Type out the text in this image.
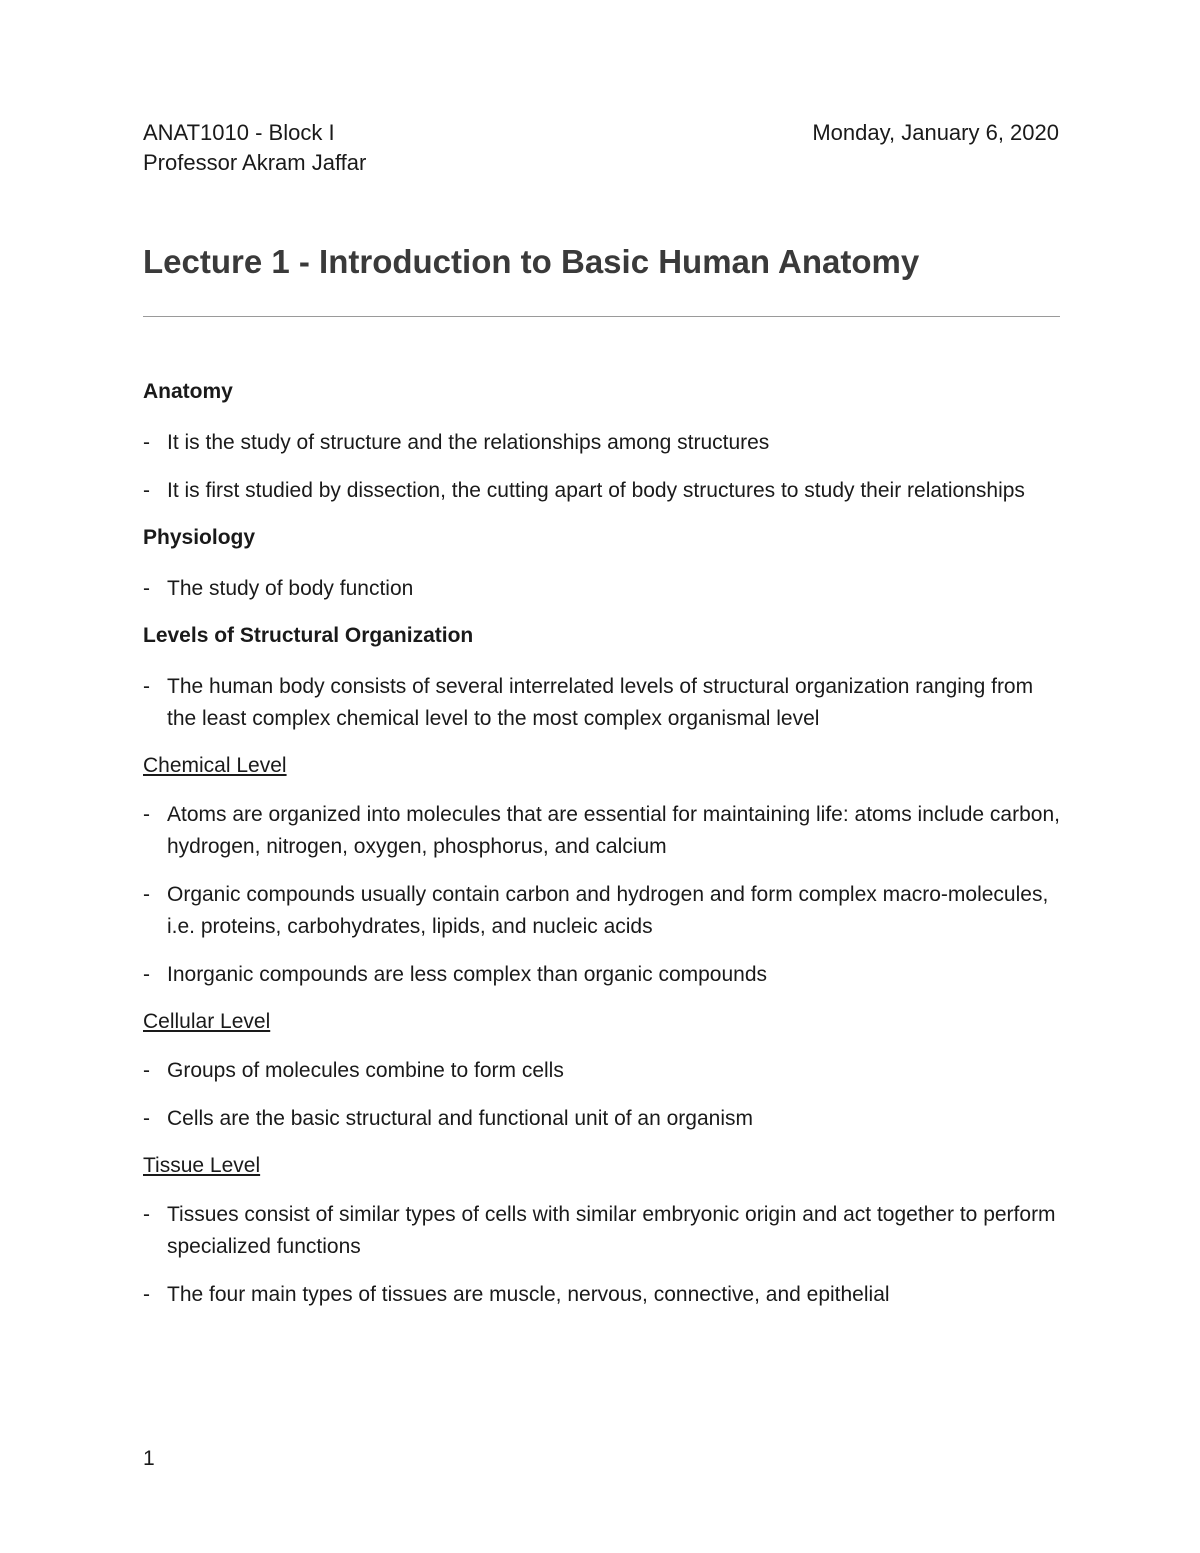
ANAT1010 - Block I
Professor Akram Jaffar
Monday, January 6, 2020
Lecture 1 - Introduction to Basic Human Anatomy
Anatomy
- It is the study of structure and the relationships among structures
- It is first studied by dissection, the cutting apart of body structures to study their relationships
Physiology
- The study of body function
Levels of Structural Organization
- The human body consists of several interrelated levels of structural organization ranging from the least complex chemical level to the most complex organismal level
Chemical Level
- Atoms are organized into molecules that are essential for maintaining life: atoms include carbon, hydrogen, nitrogen, oxygen, phosphorus, and calcium
- Organic compounds usually contain carbon and hydrogen and form complex macro-molecules, i.e. proteins, carbohydrates, lipids, and nucleic acids
- Inorganic compounds are less complex than organic compounds
Cellular Level
- Groups of molecules combine to form cells
- Cells are the basic structural and functional unit of an organism
Tissue Level
- Tissues consist of similar types of cells with similar embryonic origin and act together to perform specialized functions
- The four main types of tissues are muscle, nervous, connective, and epithelial
1
